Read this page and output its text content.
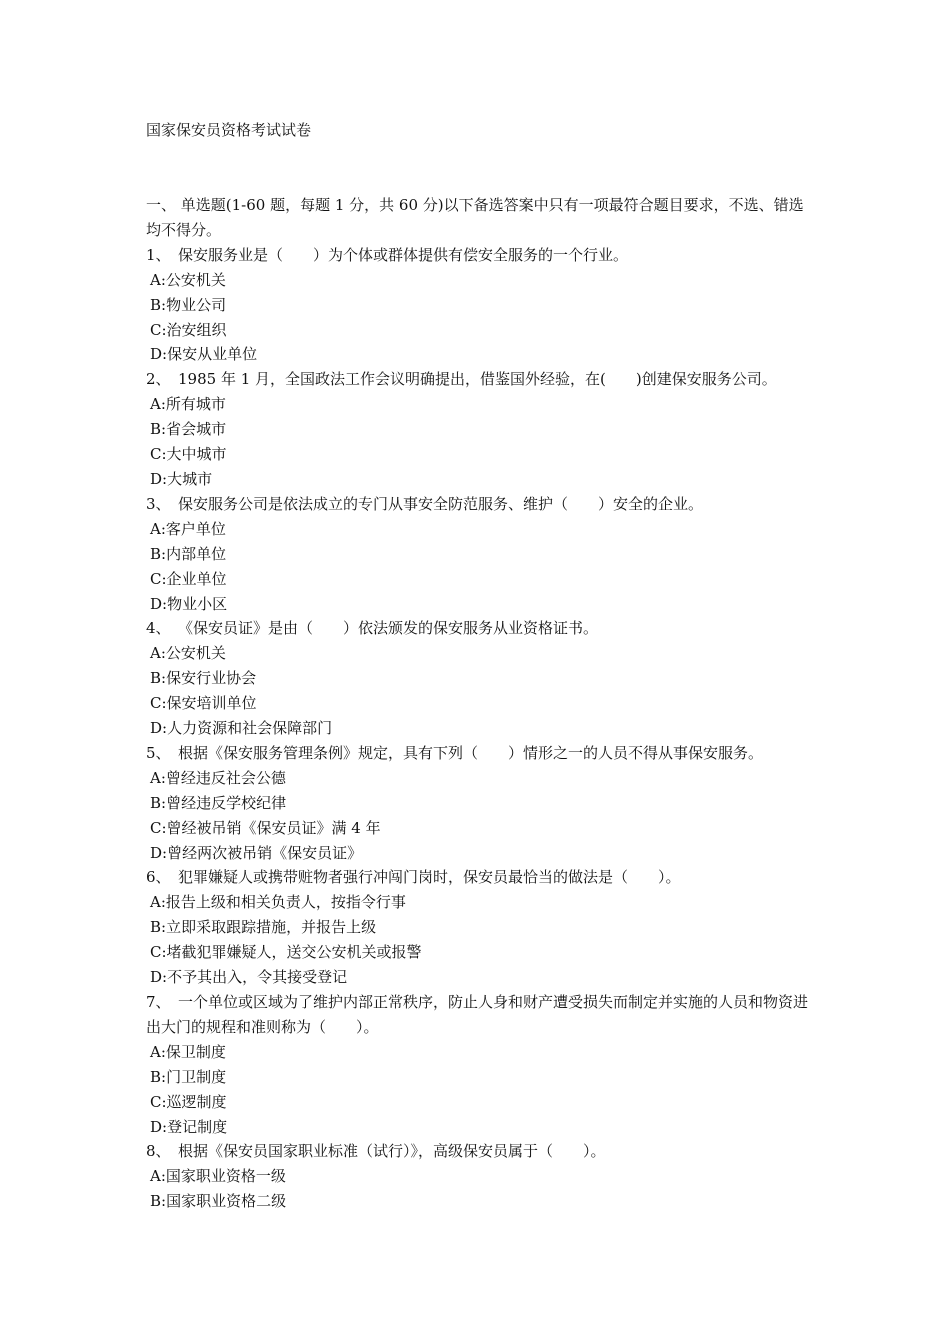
国家保安员资格考试试卷
一、 单选题(1-60 题，每题 1 分，共 60 分)以下备选答案中只有一项最符合题目要求，不选、错选均不得分。
1、 保安服务业是（　　）为个体或群体提供有偿安全服务的一个行业。
A:公安机关
B:物业公司
C:治安组织
D:保安从业单位
2、 1985 年 1 月，全国政法工作会议明确提出，借鉴国外经验，在(　　)创建保安服务公司。
A:所有城市
B:省会城市
C:大中城市
D:大城市
3、 保安服务公司是依法成立的专门从事安全防范服务、维护（　　）安全的企业。
A:客户单位
B:内部单位
C:企业单位
D:物业小区
4、 《保安员证》是由（　　）依法颁发的保安服务从业资格证书。
A:公安机关
B:保安行业协会
C:保安培训单位
D:人力资源和社会保障部门
5、 根据《保安服务管理条例》规定，具有下列（　　）情形之一的人员不得从事保安服务。
A:曾经违反社会公德
B:曾经违反学校纪律
C:曾经被吊销《保安员证》满 4 年
D:曾经两次被吊销《保安员证》
6、 犯罪嫌疑人或携带赃物者强行冲闯门岗时，保安员最恰当的做法是（　　）。
A:报告上级和相关负责人，按指令行事
B:立即采取跟踪措施，并报告上级
C:堵截犯罪嫌疑人，送交公安机关或报警
D:不予其出入，令其接受登记
7、 一个单位或区域为了维护内部正常秩序，防止人身和财产遭受损失而制定并实施的人员和物资进出大门的规程和准则称为（　　）。
A:保卫制度
B:门卫制度
C:巡逻制度
D:登记制度
8、 根据《保安员国家职业标准（试行）》，高级保安员属于（　　）。
A:国家职业资格一级
B:国家职业资格二级
